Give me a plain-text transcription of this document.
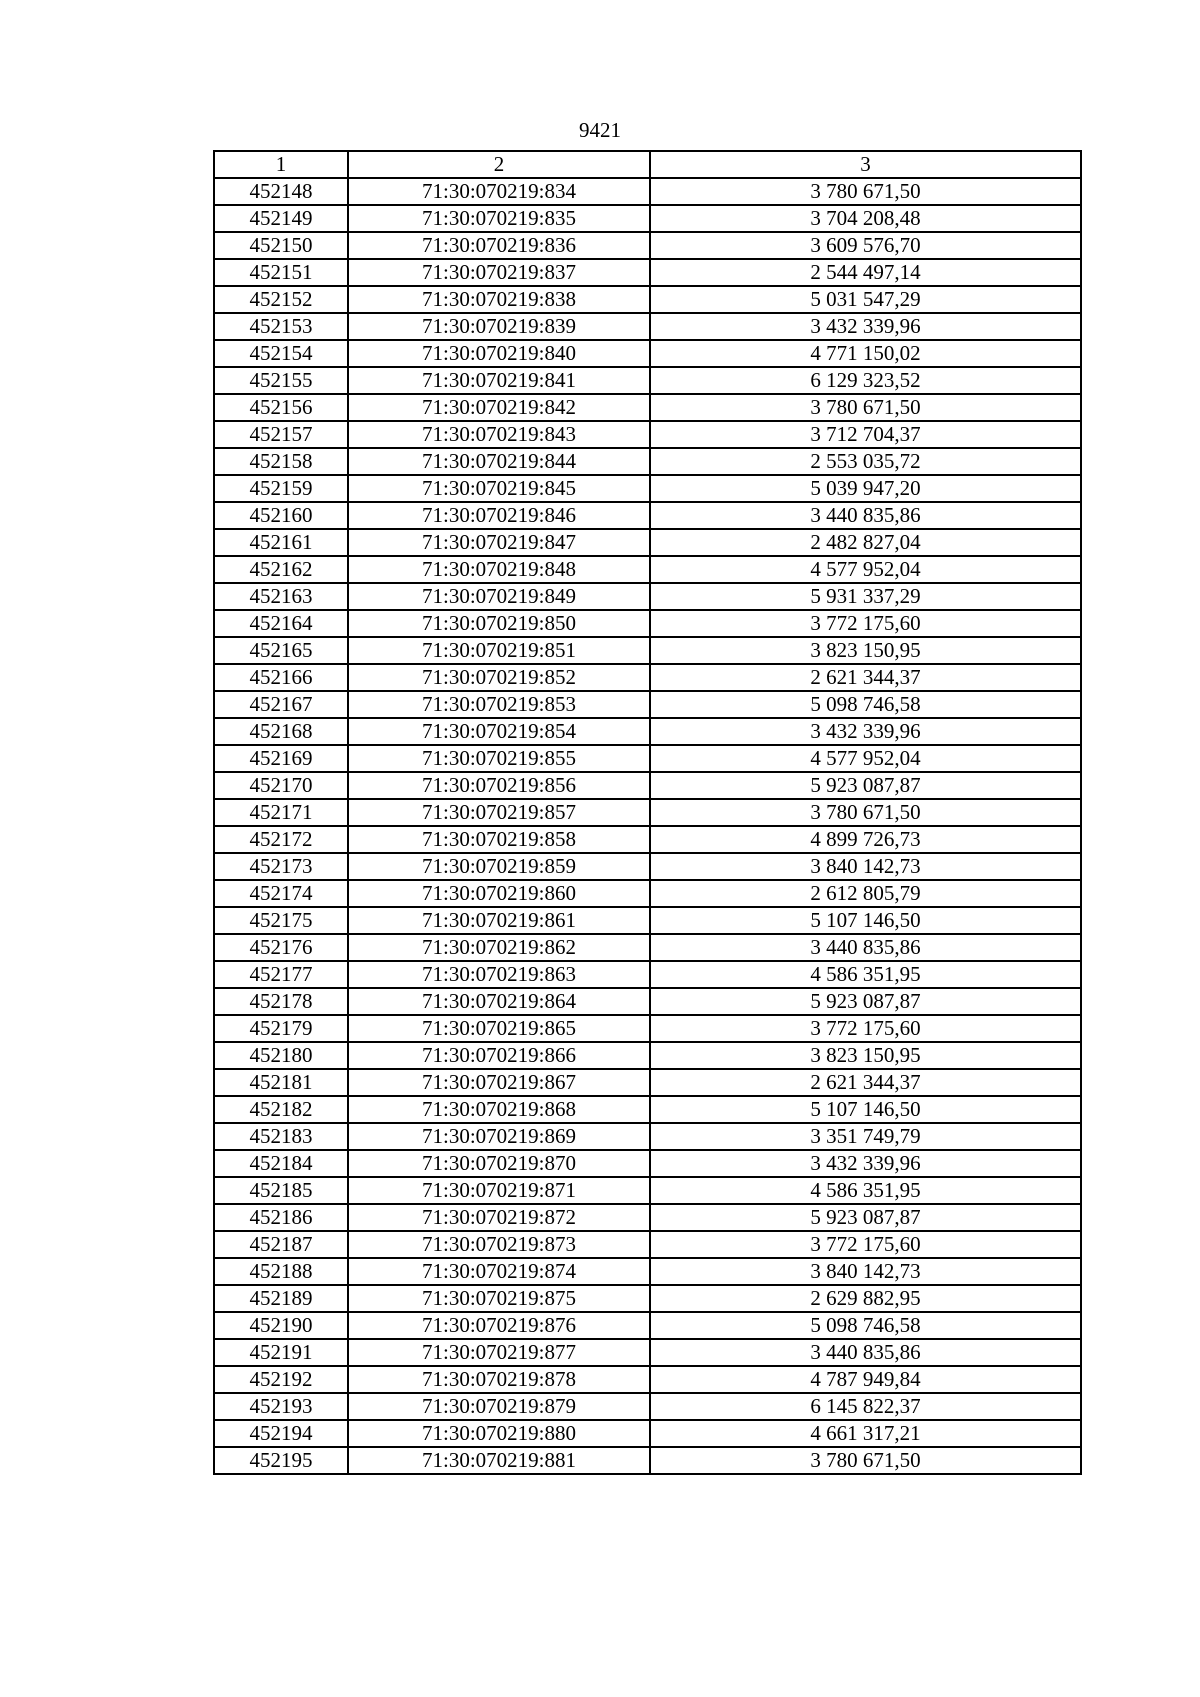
9421
1	2	3
452148	71:30:070219:834	3 780 671,50
452149	71:30:070219:835	3 704 208,48
452150	71:30:070219:836	3 609 576,70
452151	71:30:070219:837	2 544 497,14
452152	71:30:070219:838	5 031 547,29
452153	71:30:070219:839	3 432 339,96
452154	71:30:070219:840	4 771 150,02
452155	71:30:070219:841	6 129 323,52
452156	71:30:070219:842	3 780 671,50
452157	71:30:070219:843	3 712 704,37
452158	71:30:070219:844	2 553 035,72
452159	71:30:070219:845	5 039 947,20
452160	71:30:070219:846	3 440 835,86
452161	71:30:070219:847	2 482 827,04
452162	71:30:070219:848	4 577 952,04
452163	71:30:070219:849	5 931 337,29
452164	71:30:070219:850	3 772 175,60
452165	71:30:070219:851	3 823 150,95
452166	71:30:070219:852	2 621 344,37
452167	71:30:070219:853	5 098 746,58
452168	71:30:070219:854	3 432 339,96
452169	71:30:070219:855	4 577 952,04
452170	71:30:070219:856	5 923 087,87
452171	71:30:070219:857	3 780 671,50
452172	71:30:070219:858	4 899 726,73
452173	71:30:070219:859	3 840 142,73
452174	71:30:070219:860	2 612 805,79
452175	71:30:070219:861	5 107 146,50
452176	71:30:070219:862	3 440 835,86
452177	71:30:070219:863	4 586 351,95
452178	71:30:070219:864	5 923 087,87
452179	71:30:070219:865	3 772 175,60
452180	71:30:070219:866	3 823 150,95
452181	71:30:070219:867	2 621 344,37
452182	71:30:070219:868	5 107 146,50
452183	71:30:070219:869	3 351 749,79
452184	71:30:070219:870	3 432 339,96
452185	71:30:070219:871	4 586 351,95
452186	71:30:070219:872	5 923 087,87
452187	71:30:070219:873	3 772 175,60
452188	71:30:070219:874	3 840 142,73
452189	71:30:070219:875	2 629 882,95
452190	71:30:070219:876	5 098 746,58
452191	71:30:070219:877	3 440 835,86
452192	71:30:070219:878	4 787 949,84
452193	71:30:070219:879	6 145 822,37
452194	71:30:070219:880	4 661 317,21
452195	71:30:070219:881	3 780 671,50
